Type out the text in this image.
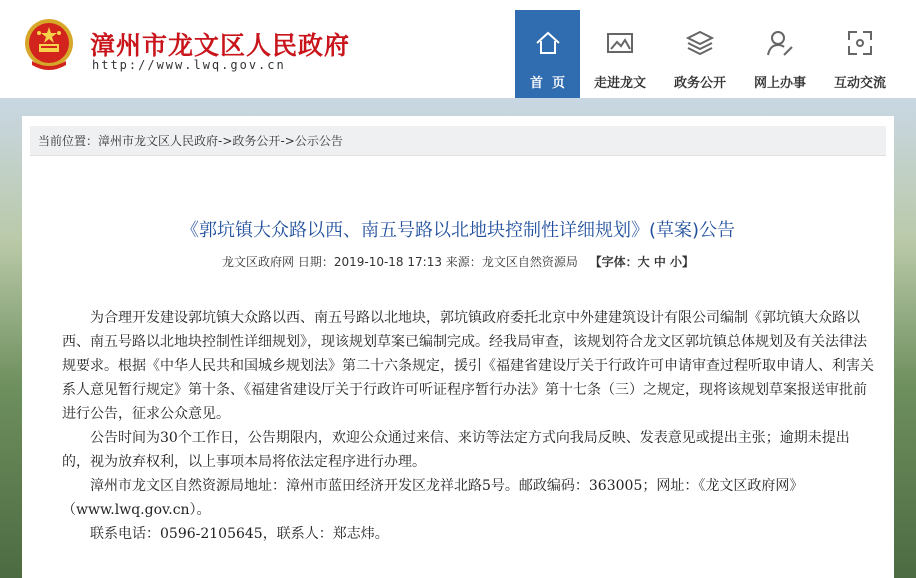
漳州市龙文区人民政府
http://www.lwq.gov.cn
首  页 走进龙文 政务公开 网上办事 互动交流
当前位置：漳州市龙文区人民政府->政务公开->公示公告
《郭坑镇大众路以西、南五号路以北地块控制性详细规划》(草案)公告
龙文区政府网 日期：2019-10-18 17:13 来源：龙文区自然资源局 【字体：大 中 小】

为合理开发建设郭坑镇大众路以西、南五号路以北地块，郭坑镇政府委托北京中外建建筑设计有限公司编制《郭坑镇大众路以西、南五号路以北地块控制性详细规划》，现该规划草案已编制完成。经我局审查，该规划符合龙文区郭坑镇总体规划及有关法律法规要求。根据《中华人民共和国城乡规划法》第二十六条规定，援引《福建省建设厅关于行政许可申请审查过程听取申请人、利害关系人意见暂行规定》第十条、《福建省建设厅关于行政许可听证程序暂行办法》第十七条（三）之规定，现将该规划草案报送审批前进行公告，征求公众意见。

公告时间为30个工作日，公告期限内，欢迎公众通过来信、来访等法定方式向我局反映、发表意见或提出主张；逾期未提出的，视为放弃权利，以上事项本局将依法定程序进行办理。

漳州市龙文区自然资源局地址：漳州市蓝田经济开发区龙祥北路5号。邮政编码：363005；网址：《龙文区政府网》（www.lwq.gov.cn）。

联系电话：0596-2105645，联系人：郑志炜。
